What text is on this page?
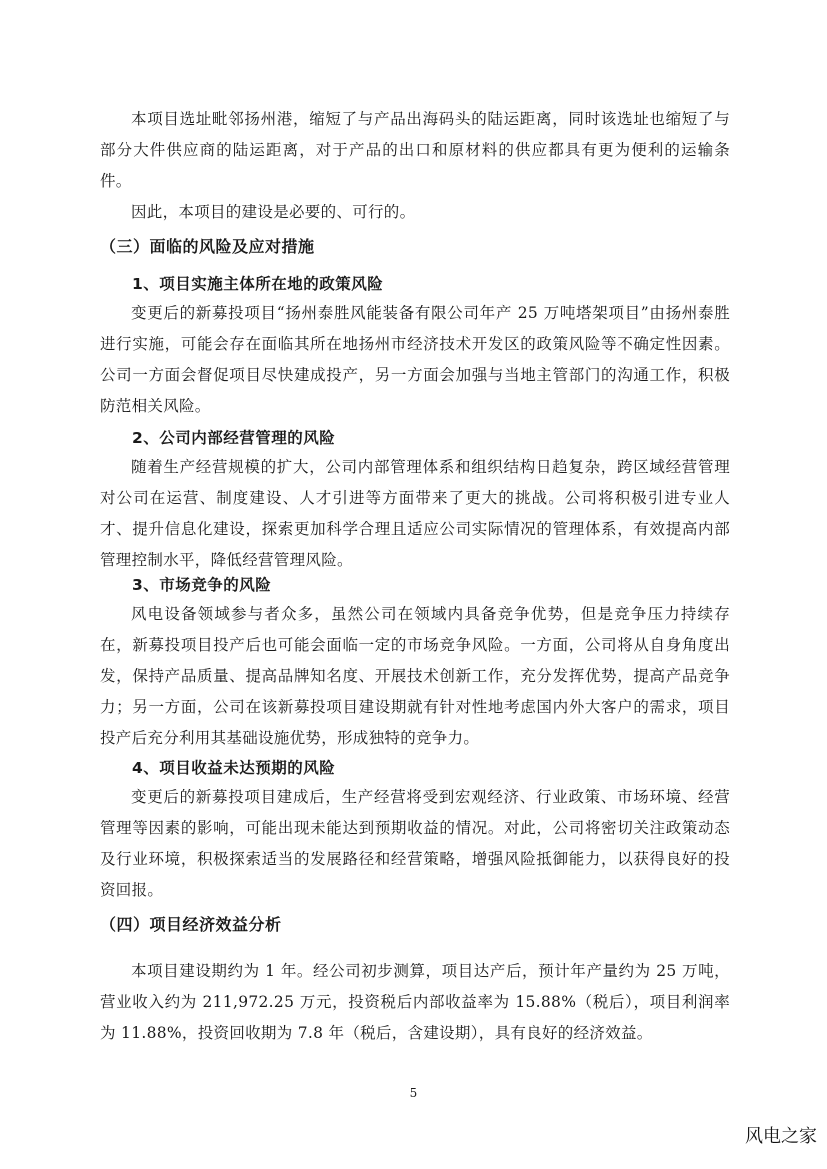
本项目选址毗邻扬州港，缩短了与产品出海码头的陆运距离，同时该选址也缩短了与部分大件供应商的陆运距离，对于产品的出口和原材料的供应都具有更为便利的运输条件。

因此，本项目的建设是必要的、可行的。

（三）面临的风险及应对措施
1、项目实施主体所在地的政策风险

变更后的新募投项目“扬州泰胜风能装备有限公司年产 25 万吨塔架项目”由扬州泰胜进行实施，可能会存在面临其所在地扬州市经济技术开发区的政策风险等不确定性因素。公司一方面会督促项目尽快建成投产，另一方面会加强与当地主管部门的沟通工作，积极防范相关风险。

2、公司内部经营管理的风险

随着生产经营规模的扩大，公司内部管理体系和组织结构日趋复杂，跨区域经营管理对公司在运营、制度建设、人才引进等方面带来了更大的挑战。公司将积极引进专业人才、提升信息化建设，探索更加科学合理且适应公司实际情况的管理体系，有效提高内部管理控制水平，降低经营管理风险。

3、市场竞争的风险

风电设备领域参与者众多，虽然公司在领域内具备竞争优势，但是竞争压力持续存在，新募投项目投产后也可能会面临一定的市场竞争风险。一方面，公司将从自身角度出发，保持产品质量、提高品牌知名度、开展技术创新工作，充分发挥优势，提高产品竞争力；另一方面，公司在该新募投项目建设期就有针对性地考虑国内外大客户的需求，项目投产后充分利用其基础设施优势，形成独特的竞争力。

4、项目收益未达预期的风险

变更后的新募投项目建成后，生产经营将受到宏观经济、行业政策、市场环境、经营管理等因素的影响，可能出现未能达到预期收益的情况。对此，公司将密切关注政策动态及行业环境，积极探索适当的发展路径和经营策略，增强风险抵御能力，以获得良好的投资回报。

（四）项目经济效益分析

本项目建设期约为 1 年。经公司初步测算，项目达产后，预计年产量约为 25 万吨，营业收入约为 211,972.25 万元，投资税后内部收益率为 15.88%（税后），项目利润率为 11.88%，投资回收期为 7.8 年（税后，含建设期），具有良好的经济效益。

5
风电之家
